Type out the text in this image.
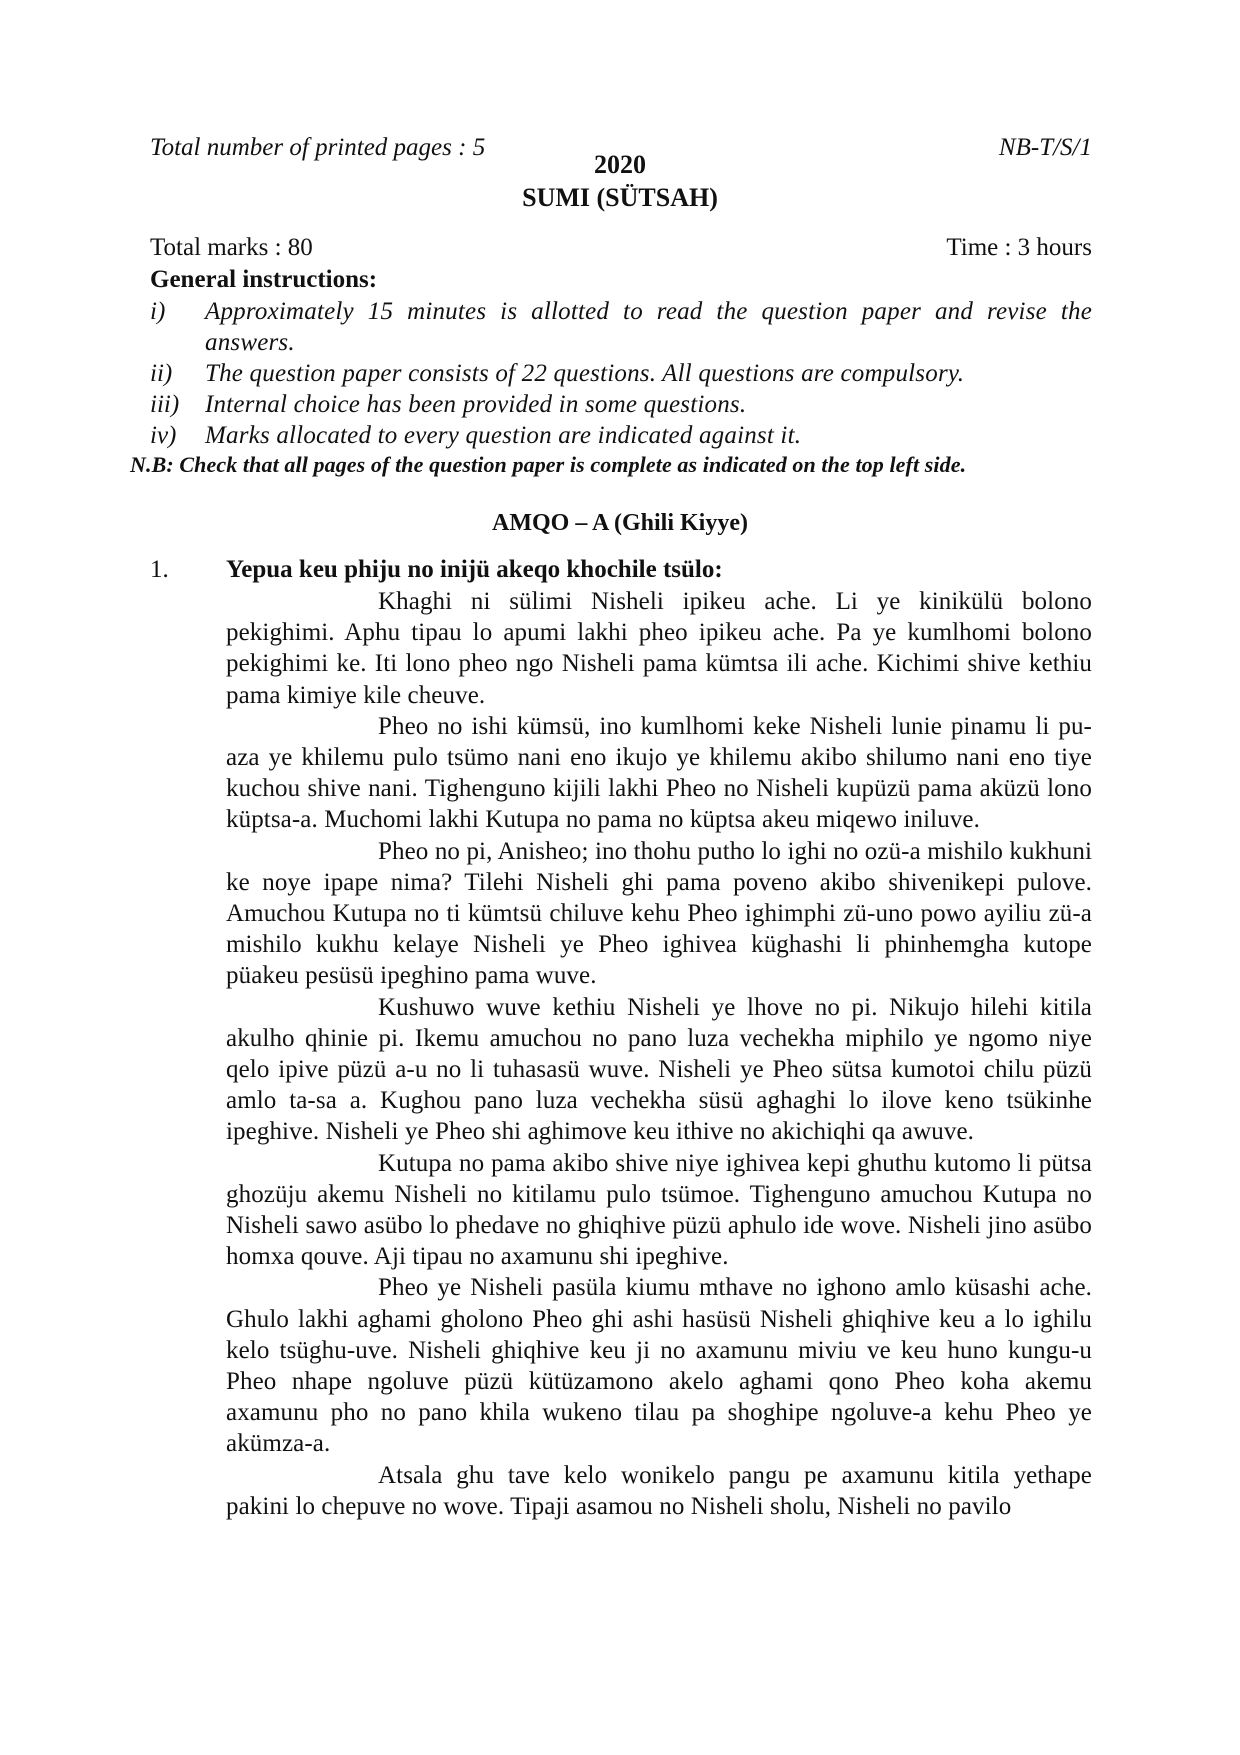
Total number of printed pages : 5	NB-T/S/1
2020
SUMI (SÜTSAH)
Total marks : 80	Time : 3 hours
General instructions:
i)	Approximately 15 minutes is allotted to read the question paper and revise the answers.
ii)	The question paper consists of 22 questions. All questions are compulsory.
iii)	Internal choice has been provided in some questions.
iv)	Marks allocated to every question are indicated against it.
N.B: Check that all pages of the question paper is complete as indicated on the top left side.
AMQO – A (Ghili Kiyye)
1. Yepua keu phiju no inijü akeqo khochile tsülo:

Khaghi ni sülimi Nisheli ipikeu ache. Li ye kinikülü bolono pekighimi. Aphu tipau lo apumi lakhi pheo ipikeu ache. Pa ye kumlhomi bolono pekighimi ke. Iti lono pheo ngo Nisheli pama kümtsa ili ache. Kichimi shive kethiu pama kimiye kile cheuve.

Pheo no ishi kümsü, ino kumlhomi keke Nisheli lunie pinamu li pu-aza ye khilemu pulo tsümo nani eno ikujo ye khilemu akibo shilumo nani eno tiye kuchou shive nani. Tighenguno kijili lakhi Pheo no Nisheli kupüzü pama aküzü lono küptsa-a. Muchomi lakhi Kutupa no pama no küptsa akeu miqewo iniluve.

Pheo no pi, Anisheo; ino thohu putho lo ighi no ozü-a mishilo kukhuni ke noye ipape nima? Tilehi Nisheli ghi pama poveno akibo shivenikepi pulove. Amuchou Kutupa no ti kümtsü chiluve kehu Pheo ighimphi zü-uno powo ayiliu zü-a mishilo kukhu kelaye Nisheli ye Pheo ighivea küghashi li phinhemgha kutope püakeu pesüsü ipeghino pama wuve.

Kushuwo wuve kethiu Nisheli ye lhove no pi. Nikujo hilehi kitila akulho qhinie pi. Ikemu amuchou no pano luza vechekha miphilo ye ngomo niye qelo ipive püzü a-u no li tuhasasü wuve. Nisheli ye Pheo sütsa kumotoi chilu püzü amlo ta-sa a. Kughou pano luza vechekha süsü aghaghi lo ilove keno tsükinhe ipeghive. Nisheli ye Pheo shi aghimove keu ithive no akichiqhi qa awuve.

Kutupa no pama akibo shive niye ighivea kepi ghuthu kutomo li pütsa ghozüju akemu Nisheli no kitilamu pulo tsümoe. Tighenguno amuchou Kutupa no Nisheli sawo asübo lo phedave no ghiqhive püzü aphulo ide wove. Nisheli jino asübo homxa qouve. Aji tipau no axamunu shi ipeghive.

Pheo ye Nisheli pasüla kiumu mthave no ighono amlo küsashi ache. Ghulo lakhi aghami gholono Pheo ghi ashi hasüsü Nisheli ghiqhive keu a lo ighilu kelo tsüghu-uve. Nisheli ghiqhive keu ji no axamunu miviu ve keu huno kungu-u Pheo nhape ngoluve püzü kütüzamono akelo aghami qono Pheo koha akemu axamunu pho no pano khila wukeno tilau pa shoghipe ngoluve-a kehu Pheo ye akümza-a.

Atsala ghu tave kelo wonikelo pangu pe axamunu kitila yethape pakini lo chepuve no wove. Tipaji asamou no Nisheli sholu, Nisheli no pavilo
